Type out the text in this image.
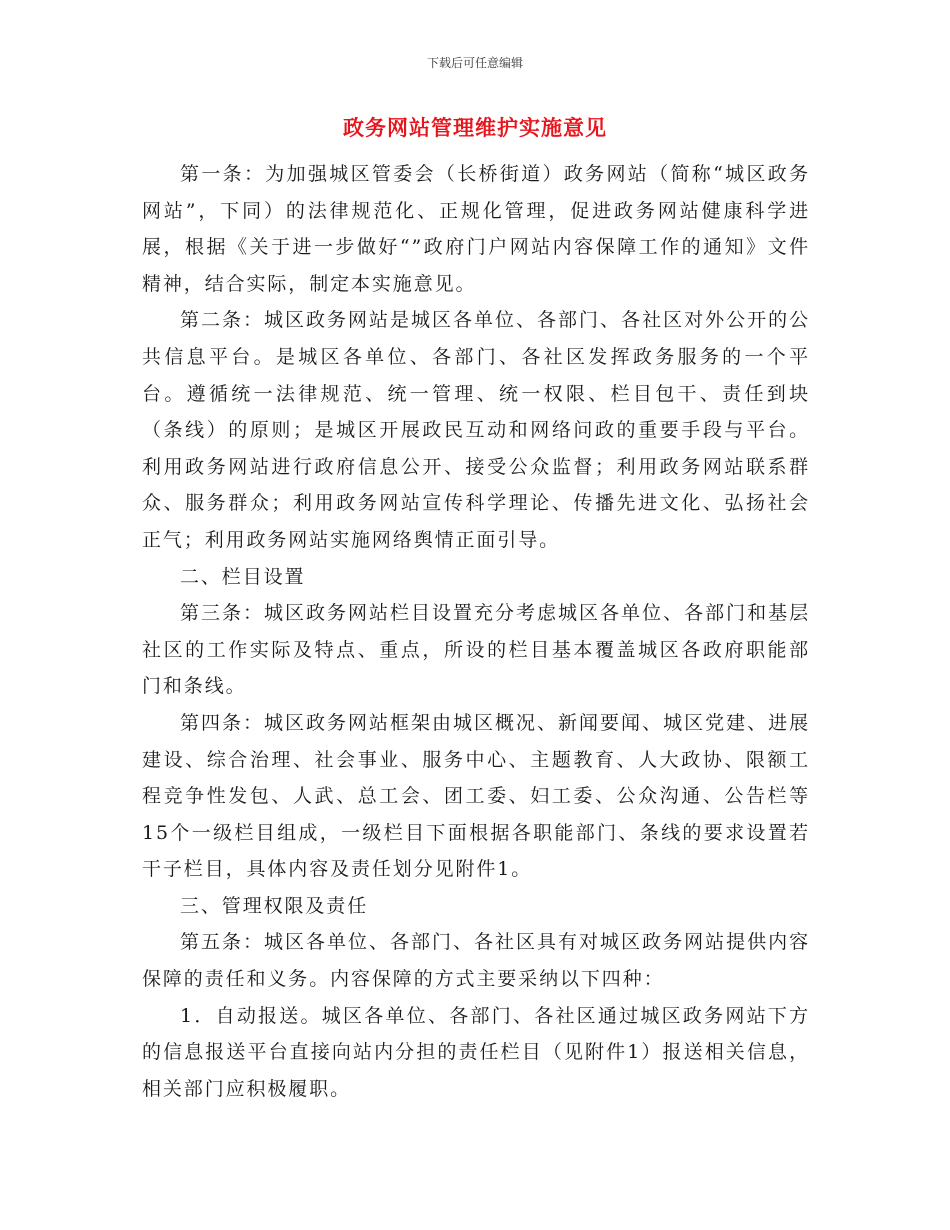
下载后可任意编辑
政务网站管理维护实施意见

第一条：为加强城区管委会（长桥街道）政务网站（简称“城区政务网站”，下同）的法律规范化、正规化管理，促进政务网站健康科学进展，根据《关于进一步做好“”政府门户网站内容保障工作的通知》文件精神，结合实际，制定本实施意见。

第二条：城区政务网站是城区各单位、各部门、各社区对外公开的公共信息平台。是城区各单位、各部门、各社区发挥政务服务的一个平台。遵循统一法律规范、统一管理、统一权限、栏目包干、责任到块（条线）的原则；是城区开展政民互动和网络问政的重要手段与平台。利用政务网站进行政府信息公开、接受公众监督；利用政务网站联系群众、服务群众；利用政务网站宣传科学理论、传播先进文化、弘扬社会正气；利用政务网站实施网络舆情正面引导。

二、栏目设置

第三条：城区政务网站栏目设置充分考虑城区各单位、各部门和基层社区的工作实际及特点、重点，所设的栏目基本覆盖城区各政府职能部门和条线。

第四条：城区政务网站框架由城区概况、新闻要闻、城区党建、进展建设、综合治理、社会事业、服务中心、主题教育、人大政协、限额工程竞争性发包、人武、总工会、团工委、妇工委、公众沟通、公告栏等15个一级栏目组成，一级栏目下面根据各职能部门、条线的要求设置若干子栏目，具体内容及责任划分见附件1。

三、管理权限及责任

第五条：城区各单位、各部门、各社区具有对城区政务网站提供内容保障的责任和义务。内容保障的方式主要采纳以下四种：

1．自动报送。城区各单位、各部门、各社区通过城区政务网站下方的信息报送平台直接向站内分担的责任栏目（见附件1）报送相关信息，相关部门应积极履职。
